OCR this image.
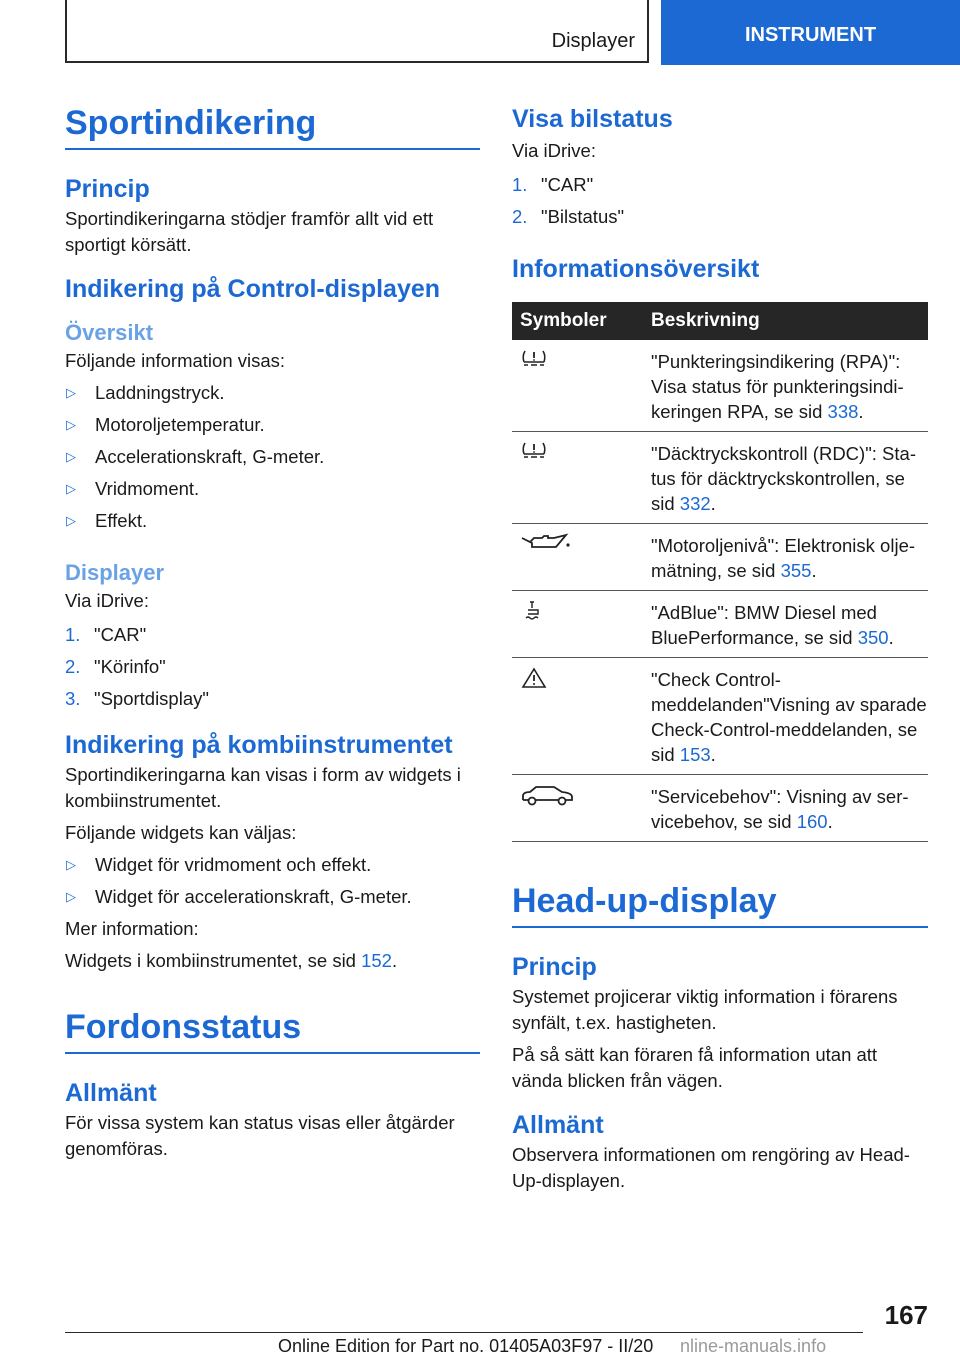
Displayer	INSTRUMENT
Sportindikering
Princip

Sportindikeringarna stödjer framför allt vid ett sportigt körsätt.

Indikering på Control-displayen
Översikt

Följande information visas:

▷	Laddningstryck.
▷	Motoroljetemperatur.
▷	Accelerationskraft, G-meter.
▷	Vridmoment.
▷	Effekt.
Displayer

Via iDrive:

1. "CAR"
2. "Körinfo"
3. "Sportdisplay"
Indikering på kombiinstrumentet

Sportindikeringarna kan visas i form av widgets i kombiinstrumentet.

Följande widgets kan väljas:

▷	Widget för vridmoment och effekt.
▷	Widget för accelerationskraft, G-meter.

Mer information:

Widgets i kombiinstrumentet, se sid 152.

Fordonsstatus
Allmänt

För vissa system kan status visas eller åtgärder genomföras.

Visa bilstatus

Via iDrive:

1. "CAR"
2. "Bilstatus"
Informationsöversikt
Symboler	Beskrivning
	"Punkteringsindikering (RPA)": Visa status för punkteringsindikeringen RPA, se sid 338.
	"Däcktryckskontroll (RDC)": Status för däcktryckskontrollen, se sid 332.
	"Motoroljenivå": Elektronisk oljemätning, se sid 355.
	"AdBlue": BMW Diesel med BluePerformance, se sid 350.
	"Check Control-meddelanden"Visning av sparade Check-Control-meddelanden, se sid 153.
	"Servicebehov": Visning av servicebehov, se sid 160.
Head-up-display
Princip

Systemet projicerar viktig information i förarens synfält, t.ex. hastigheten.

På så sätt kan föraren få information utan att vända blicken från vägen.

Allmänt

Observera informationen om rengöring av Head-Up-displayen.

167
Online Edition for Part no. 01405A03F97 - II/20 nline-manuals.info
